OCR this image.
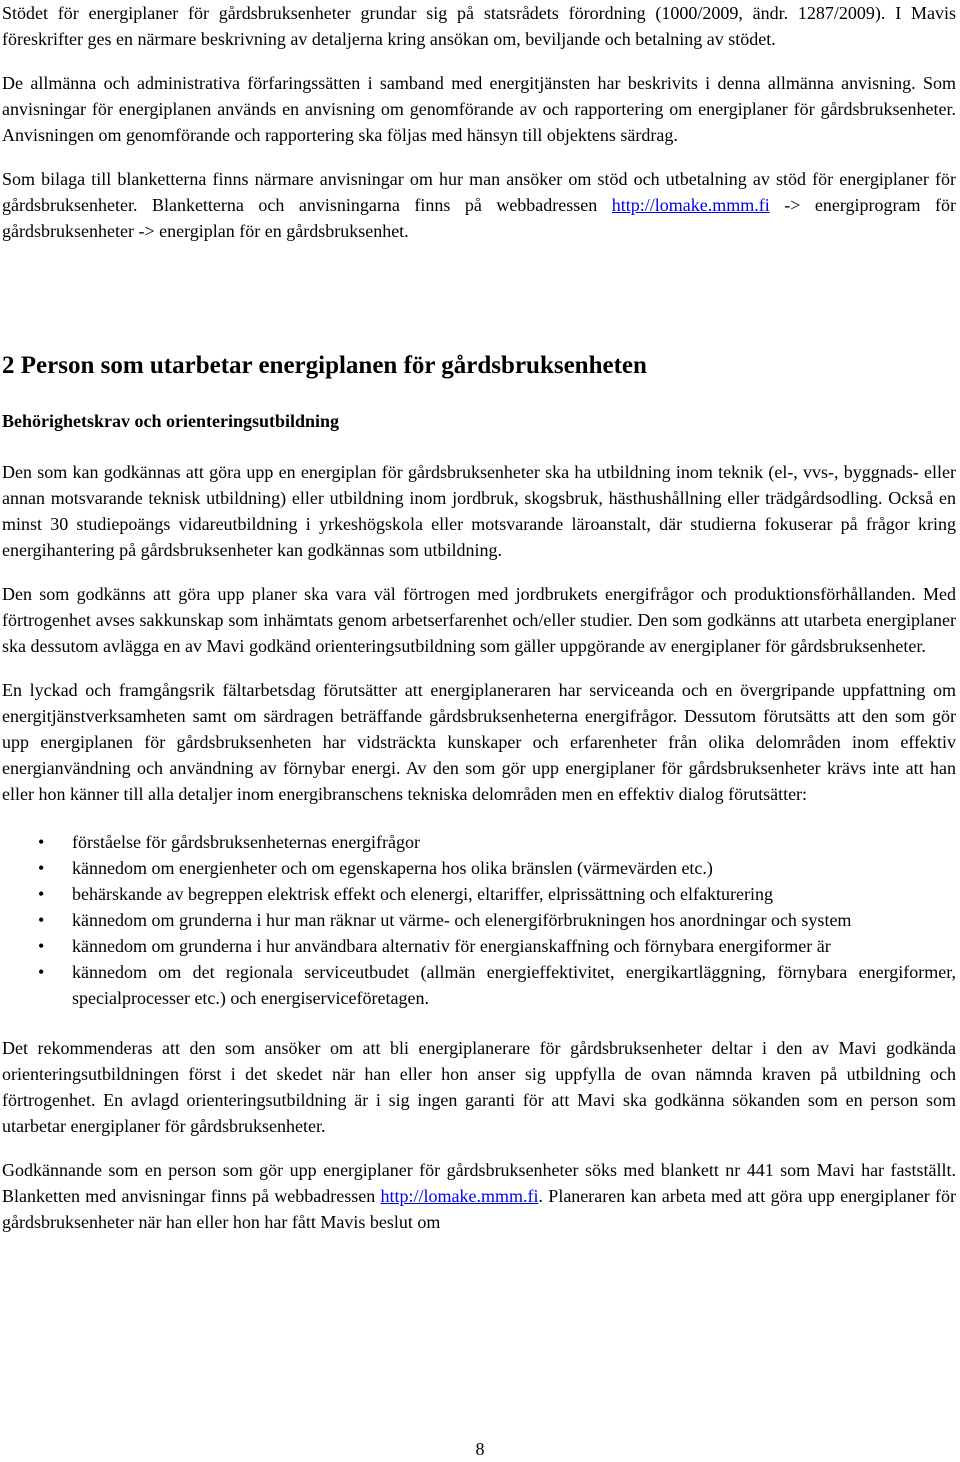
Stödet för energiplaner för gårdsbruksenheter grundar sig på statsrådets förordning (1000/2009, ändr. 1287/2009). I Mavis föreskrifter ges en närmare beskrivning av detaljerna kring ansökan om, beviljande och betalning av stödet.

De allmänna och administrativa förfaringssätten i samband med energitjänsten har beskrivits i denna allmänna anvisning. Som anvisningar för energiplanen används en anvisning om genomförande av och rapportering om energiplaner för gårdsbruksenheter. Anvisningen om genomförande och rapportering ska följas med hänsyn till objektens särdrag.

Som bilaga till blanketterna finns närmare anvisningar om hur man ansöker om stöd och utbetalning av stöd för energiplaner för gårdsbruksenheter. Blanketterna och anvisningarna finns på webbadressen http://lomake.mmm.fi -> energiprogram för gårdsbruksenheter -> energiplan för en gårdsbruksenhet.

2 Person som utarbetar energiplanen för gårdsbruksenheten
Behörighetskrav och orienteringsutbildning

Den som kan godkännas att göra upp en energiplan för gårdsbruksenheter ska ha utbildning inom teknik (el-, vvs-, byggnads- eller annan motsvarande teknisk utbildning) eller utbildning inom jordbruk, skogsbruk, hästhushållning eller trädgårdsodling. Också en minst 30 studiepoängs vidareutbildning i yrkeshögskola eller motsvarande läroanstalt, där studierna fokuserar på frågor kring energihantering på gårdsbruksenheter kan godkännas som utbildning.

Den som godkänns att göra upp planer ska vara väl förtrogen med jordbrukets energifrågor och produktionsförhållanden. Med förtrogenhet avses sakkunskap som inhämtats genom arbetserfarenhet och/eller studier. Den som godkänns att utarbeta energiplaner ska dessutom avlägga en av Mavi godkänd orienteringsutbildning som gäller uppgörande av energiplaner för gårdsbruksenheter.

En lyckad och framgångsrik fältarbetsdag förutsätter att energiplaneraren har serviceanda och en övergripande uppfattning om energitjänstverksamheten samt om särdragen beträffande gårdsbruksenheterna energifrågor. Dessutom förutsätts att den som gör upp energiplanen för gårdsbruksenheten har vidsträckta kunskaper och erfarenheter från olika delområden inom effektiv energianvändning och användning av förnybar energi. Av den som gör upp energiplaner för gårdsbruksenheter krävs inte att han eller hon känner till alla detaljer inom energibranschens tekniska delområden men en effektiv dialog förutsätter:

• förståelse för gårdsbruksenheternas energifrågor
• kännedom om energienheter och om egenskaperna hos olika bränslen (värmevärden etc.)
• behärskande av begreppen elektrisk effekt och elenergi, eltariffer, elprissättning och elfakturering
• kännedom om grunderna i hur man räknar ut värme- och elenergiförbrukningen hos anordningar och system
• kännedom om grunderna i hur användbara alternativ för energianskaffning och förnybara energiformer är
• kännedom om det regionala serviceutbudet (allmän energieffektivitet, energikartläggning, förnybara energiformer, specialprocesser etc.) och energiserviceföretagen.

Det rekommenderas att den som ansöker om att bli energiplanerare för gårdsbruksenheter deltar i den av Mavi godkända orienteringsutbildningen först i det skedet när han eller hon anser sig uppfylla de ovan nämnda kraven på utbildning och förtrogenhet. En avlagd orienteringsutbildning är i sig ingen garanti för att Mavi ska godkänna sökanden som en person som utarbetar energiplaner för gårdsbruksenheter.

Godkännande som en person som gör upp energiplaner för gårdsbruksenheter söks med blankett nr 441 som Mavi har fastställt. Blanketten med anvisningar finns på webbadressen http://lomake.mmm.fi. Planeraren kan arbeta med att göra upp energiplaner för gårdsbruksenheter när han eller hon har fått Mavis beslut om

8
